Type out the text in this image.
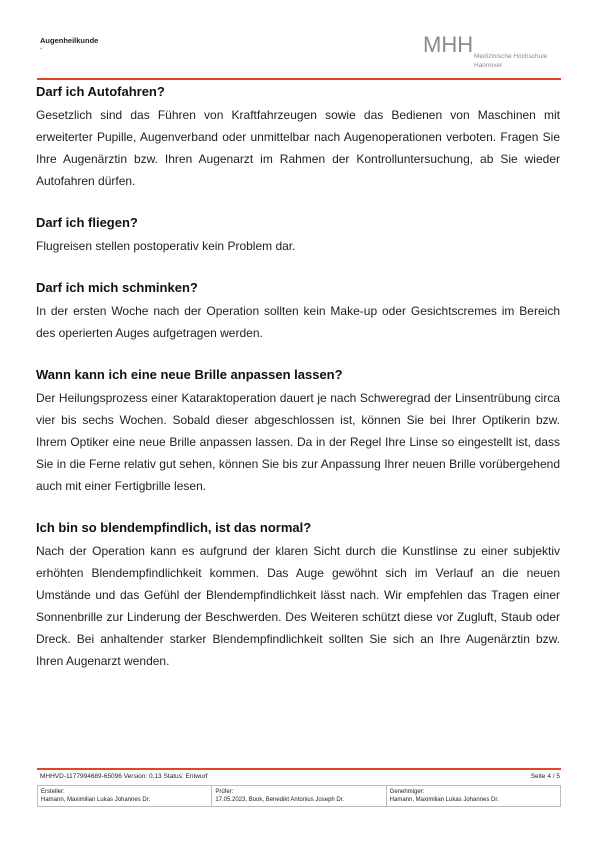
Augenheilkunde
-	MHH Medizinische Hochschule
Hannover
Darf ich Autofahren?

Gesetzlich sind das Führen von Kraftfahrzeugen sowie das Bedienen von Maschinen mit erweiterter Pupille, Augenverband oder unmittelbar nach Augenoperationen verboten. Fragen Sie Ihre Augenärztin bzw. Ihren Augenarzt im Rahmen der Kontrolluntersuchung, ab Sie wieder Autofahren dürfen.

Darf ich fliegen?

Flugreisen stellen postoperativ kein Problem dar.

Darf ich mich schminken?

In der ersten Woche nach der Operation sollten kein Make-up oder Gesichtscremes im Bereich des operierten Auges aufgetragen werden.

Wann kann ich eine neue Brille anpassen lassen?

Der Heilungsprozess einer Kataraktoperation dauert je nach Schweregrad der Linsentrübung circa vier bis sechs Wochen. Sobald dieser abgeschlossen ist, können Sie bei Ihrer Optikerin bzw. Ihrem Optiker eine neue Brille anpassen lassen. Da in der Regel Ihre Linse so eingestellt ist, dass Sie in die Ferne relativ gut sehen, können Sie bis zur Anpassung Ihrer neuen Brille vorübergehend auch mit einer Fertigbrille lesen.

Ich bin so blendempfindlich, ist das normal?

Nach der Operation kann es aufgrund der klaren Sicht durch die Kunstlinse zu einer subjektiv erhöhten Blendempfindlichkeit kommen. Das Auge gewöhnt sich im Verlauf an die neuen Umstände und das Gefühl der Blendempfindlichkeit lässt nach. Wir empfehlen das Tragen einer Sonnenbrille zur Linderung der Beschwerden. Des Weiteren schützt diese vor Zugluft, Staub oder Dreck. Bei anhaltender starker Blendempfindlichkeit sollten Sie sich an Ihre Augenärztin bzw. Ihren Augenarzt wenden.

MHHVD-1177994689-65096 Version: 0.13 Status: Entwurf	Seite 4 / 5
Ersteller:
Hamann, Maximilian Lukas Johannes Dr.

Prüfer:
17.05.2023, Book, Benedikt Antonius Joseph Dr.

Genehmiger:
Hamann, Maximilian Lukas Johannes Dr.
